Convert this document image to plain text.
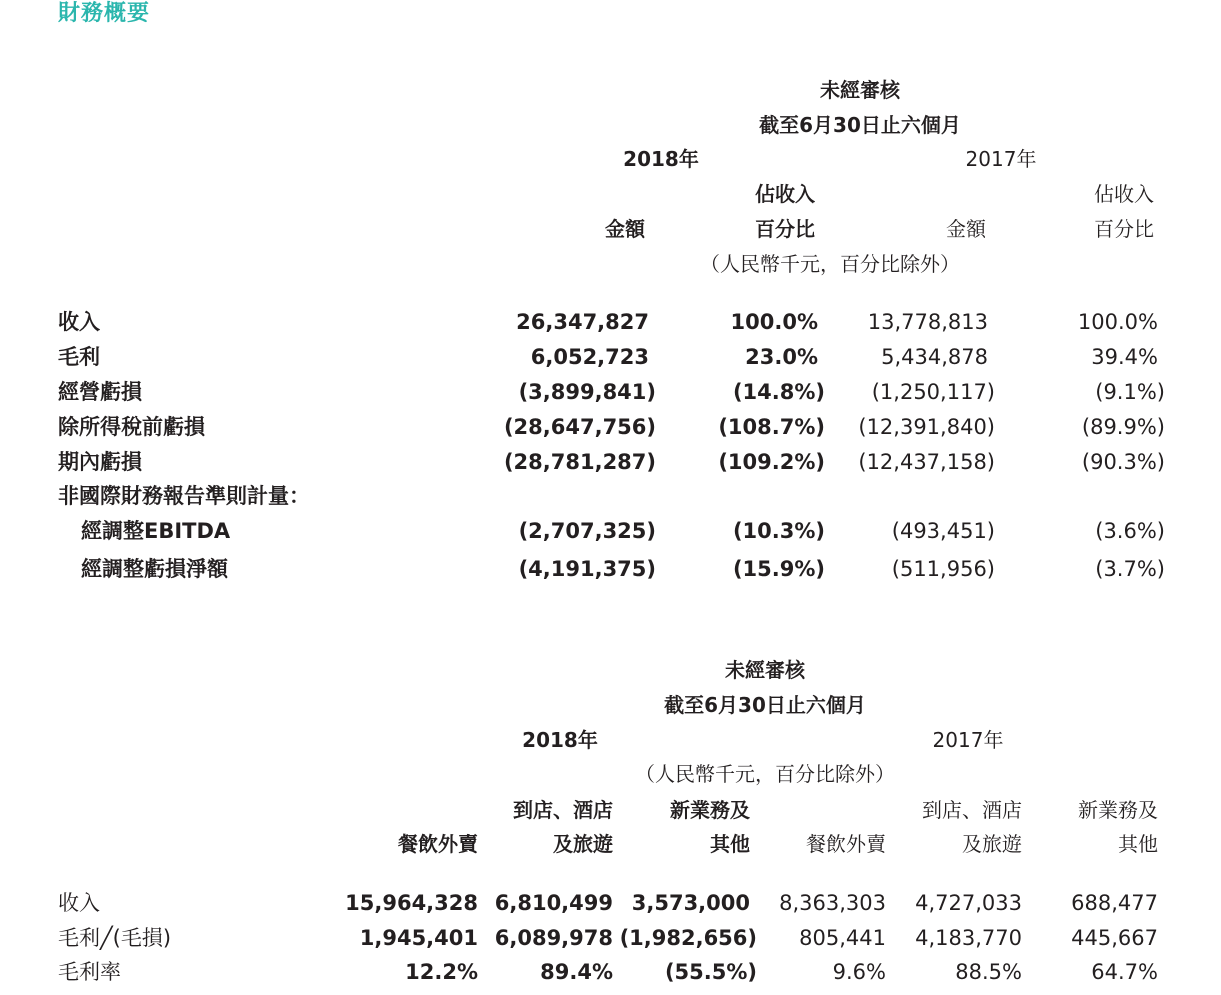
財務概要
未經審核
截至6月30日止六個月
2018年	2017年
佔收入	佔收入
金額	百分比	金額	百分比
（人民幣千元，百分比除外）
收入	26,347,827	100.0% 13,778,813	100.0%
毛利	6,052,723	23.0%	5,434,878	39.4%
經營虧損	(3,899,841)	(14.8%) (1,250,117)	(9.1%)
除所得稅前虧損	(28,647,756)	(108.7%) (12,391,840)	(89.9%)
期內虧損	(28,781,287)	(109.2%) (12,437,158)	(90.3%)
非國際財務報告準則計量：
經調整EBITDA	(2,707,325)	(10.3%)	(493,451)	(3.6%)
經調整虧損淨額	(4,191,375)	(15.9%)	(511,956)	(3.7%)
未經審核
截至6月30日止六個月
2018年	2017年
（人民幣千元，百分比除外）
到店、酒店	新業務及	到店、酒店	新業務及
餐飲外賣	及旅遊	其他	餐飲外賣	及旅遊	其他
收入	15,964,328 6,810,499 3,573,000 8,363,303 4,727,033 688,477
毛利╱(毛損)	1,945,401 6,089,978 (1,982,656) 805,441 4,183,770 445,667
毛利率	12.2%	89.4% (55.5%)	9.6%	88.5%	64.7%
